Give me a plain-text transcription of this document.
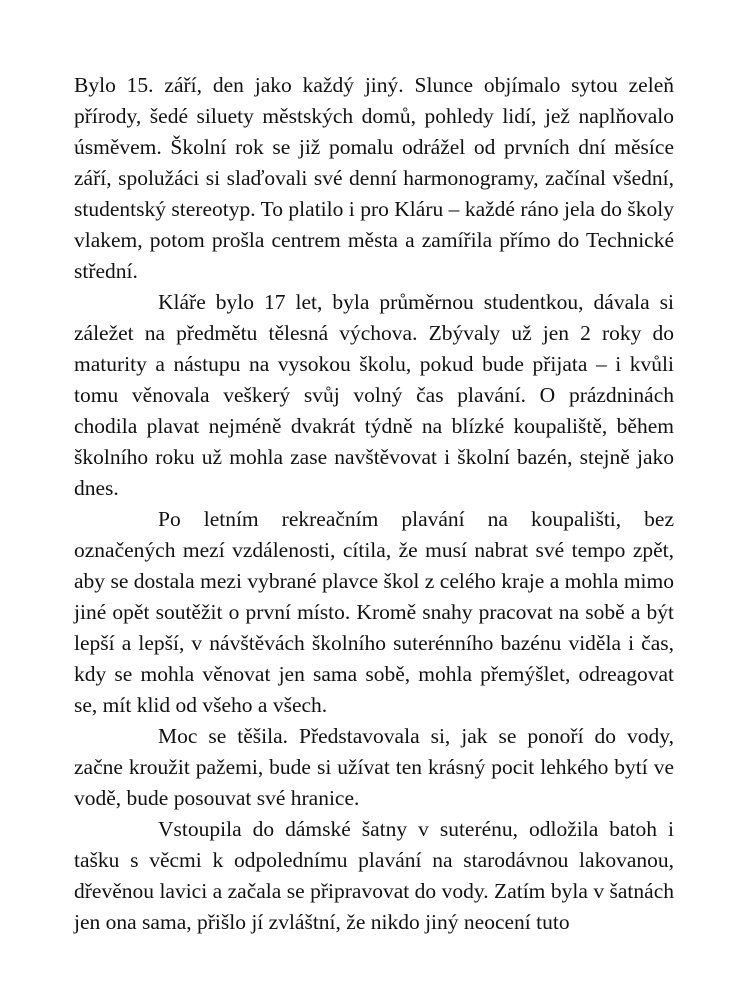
Bylo 15. září, den jako každý jiný. Slunce objímalo sytou zeleň přírody, šedé siluety městských domů, pohledy lidí, jež naplňovalo úsměvem. Školní rok se již pomalu odrážel od prvních dní měsíce září, spolužáci si slaďovali své denní harmonogramy, začínal všední, studentský stereotyp. To platilo i pro Kláru – každé ráno jela do školy vlakem, potom prošla centrem města a zamířila přímo do Technické střední.

Kláře bylo 17 let, byla průměrnou studentkou, dávala si záležet na předmětu tělesná výchova. Zbývaly už jen 2 roky do maturity a nástupu na vysokou školu, pokud bude přijata – i kvůli tomu věnovala veškerý svůj volný čas plavání. O prázdninách chodila plavat nejméně dvakrát týdně na blízké koupaliště, během školního roku už mohla zase navštěvovat i školní bazén, stejně jako dnes.

Po letním rekreačním plavání na koupališti, bez označených mezí vzdálenosti, cítila, že musí nabrat své tempo zpět, aby se dostala mezi vybrané plavce škol z celého kraje a mohla mimo jiné opět soutěžit o první místo. Kromě snahy pracovat na sobě a být lepší a lepší, v návštěvách školního suterénního bazénu viděla i čas, kdy se mohla věnovat jen sama sobě, mohla přemýšlet, odreagovat se, mít klid od všeho a všech.

Moc se těšila. Představovala si, jak se ponoří do vody, začne kroužit pažemi, bude si užívat ten krásný pocit lehkého bytí ve vodě, bude posouvat své hranice.

Vstoupila do dámské šatny v suterénu, odložila batoh i tašku s věcmi k odpolednímu plavání na starodávnou lakovanou, dřevěnou lavici a začala se připravovat do vody. Zatím byla v šatnách jen ona sama, přišlo jí zvláštní, že nikdo jiný neocení tuto
